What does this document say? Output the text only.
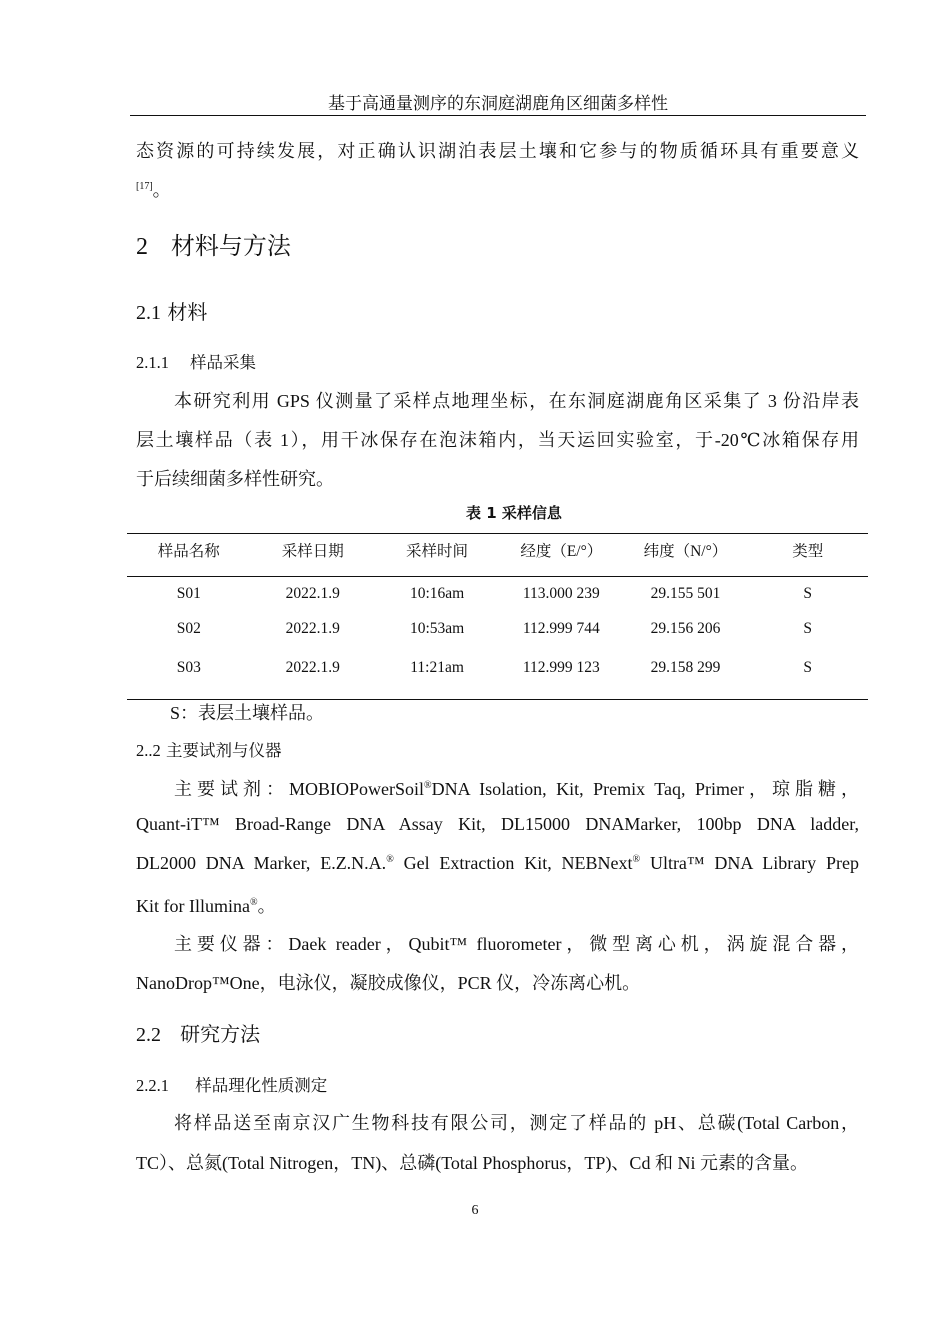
基于高通量测序的东洞庭湖鹿角区细菌多样性
态资源的可持续发展，对正确认识湖泊表层土壤和它参与的物质循环具有重要意义
[17]。
2 材料与方法
2.1 材料
2.1.1 样品采集
本研究利用 GPS 仪测量了采样点地理坐标，在东洞庭湖鹿角区采集了 3 份沿岸表
层土壤样品（表 1），用干冰保存在泡沫箱内，当天运回实验室，于-20℃冰箱保存用
于后续细菌多样性研究。
表 1 采样信息
样品名称	采样日期	采样时间	经度（E/°）	纬度（N/°）	类型
S01	2022.1.9	10:16am	113.000 239	29.155 501	S
S02	2022.1.9	10:53am	112.999 744	29.156 206	S
S03	2022.1.9	11:21am	112.999 123	29.158 299	S
S：表层土壤样品。
2..2 主要试剂与仪器
主要试剂：MOBIOPowerSoil®DNA Isolation, Kit, Premix Taq, Primer，琼脂糖，
Quant-iT™ Broad-Range DNA Assay Kit, DL15000 DNAMarker, 100bp DNA ladder,
DL2000 DNA Marker, E.Z.N.A.® Gel Extraction Kit, NEBNext® Ultra™ DNA Library Prep
Kit for Illumina®。
主要仪器：Daek reader，Qubit™ fluorometer，微型离心机，涡旋混合器，
NanoDrop™One，电泳仪，凝胶成像仪，PCR 仪，冷冻离心机。
2.2 研究方法
2.2.1 样品理化性质测定
将样品送至南京汉广生物科技有限公司，测定了样品的 pH、总碳(Total Carbon，
TC）、总氮(Total Nitrogen，TN)、总磷(Total Phosphorus，TP)、Cd 和 Ni 元素的含量。
6
